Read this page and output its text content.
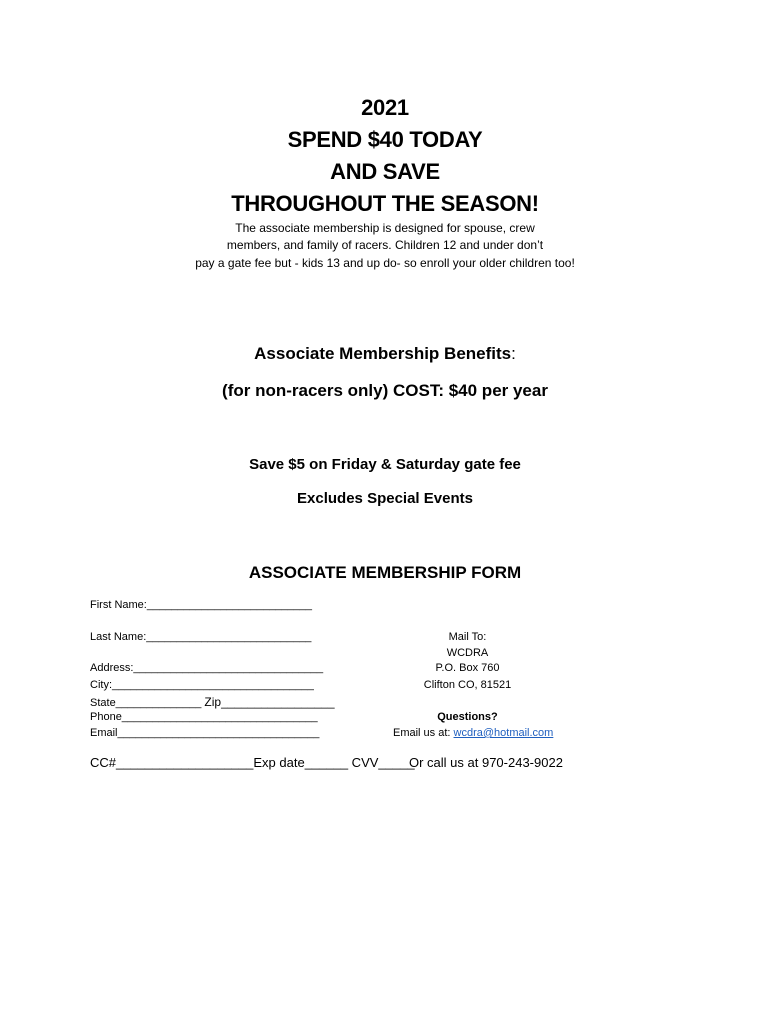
2021
SPEND $40 TODAY
AND SAVE
THROUGHOUT THE SEASON!
The associate membership is designed for spouse, crew
members, and family of racers. Children 12 and under don’t
pay a gate fee but - kids 13 and up do- so enroll your older children too!
Associate Membership Benefits:
(for non-racers only) COST: $40 per year
Save $5 on Friday & Saturday gate fee
Excludes Special Events
ASSOCIATE MEMBERSHIP FORM
First Name:___________________________
Last Name:___________________________
Address:_______________________________
City:_________________________________
State______________ Zip_________________
Phone________________________________
Email_________________________________
Mail To:
WCDRA
P.O. Box 760
Clifton CO, 81521
Questions?
Email us at: wcdra@hotmail.com
CC#___________________Exp date______ CVV_____
Or call us at 970-243-9022
